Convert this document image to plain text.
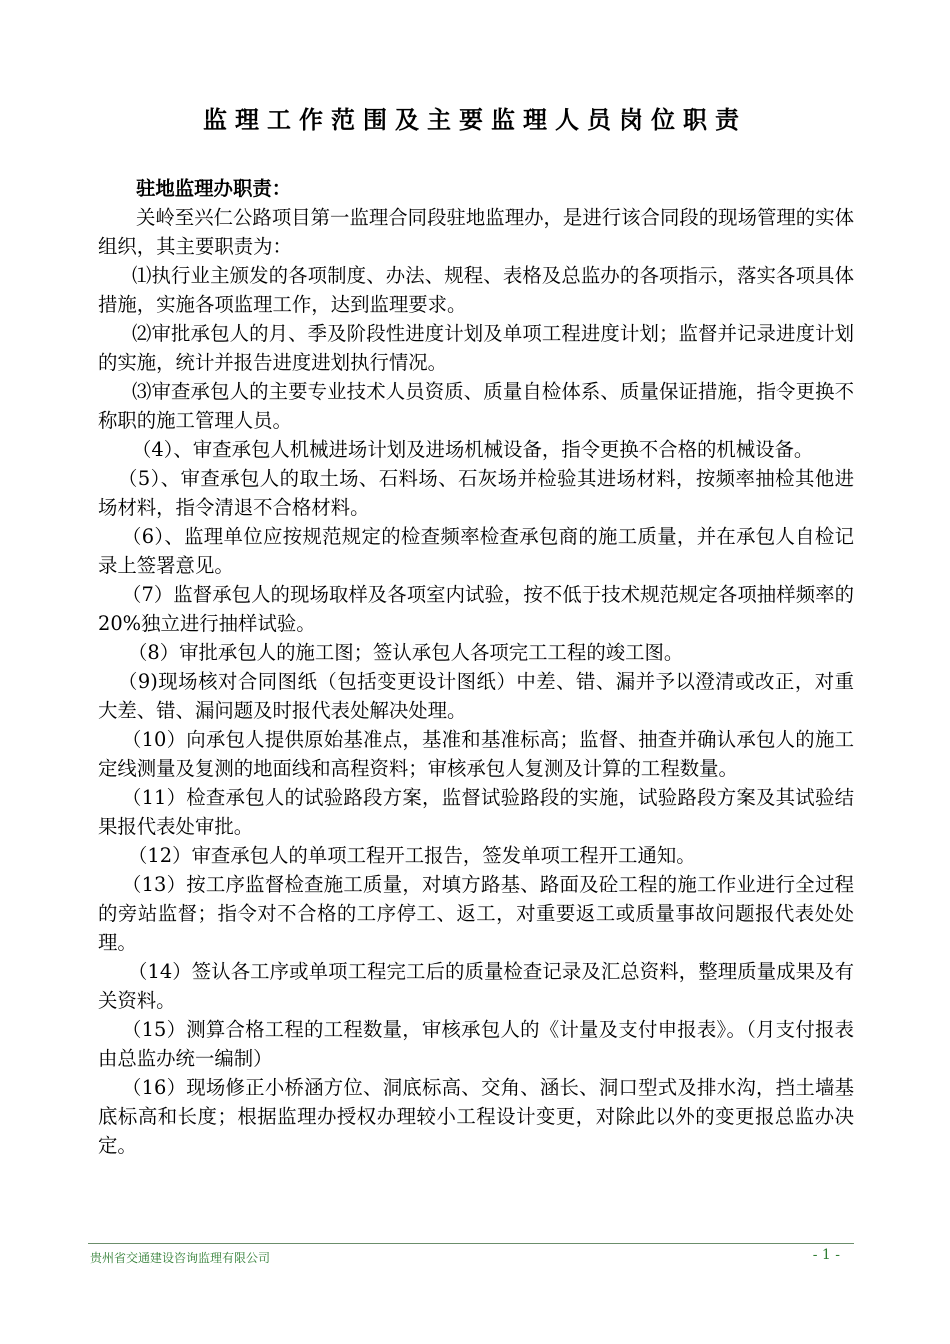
监理工作范围及主要监理人员岗位职责

驻地监理办职责：

关岭至兴仁公路项目第一监理合同段驻地监理办，是进行该合同段的现场管理的实体组织，其主要职责为：

⑴执行业主颁发的各项制度、办法、规程、表格及总监办的各项指示，落实各项具体措施，实施各项监理工作，达到监理要求。

⑵审批承包人的月、季及阶段性进度计划及单项工程进度计划；监督并记录进度计划的实施，统计并报告进度进划执行情况。

⑶审查承包人的主要专业技术人员资质、质量自检体系、质量保证措施，指令更换不称职的施工管理人员。

（4）、审查承包人机械进场计划及进场机械设备，指令更换不合格的机械设备。

（5）、审查承包人的取土场、石料场、石灰场并检验其进场材料，按频率抽检其他进场材料，指令清退不合格材料。

（6）、监理单位应按规范规定的检查频率检查承包商的施工质量，并在承包人自检记录上签署意见。

（7）监督承包人的现场取样及各项室内试验，按不低于技术规范规定各项抽样频率的20%独立进行抽样试验。

（8）审批承包人的施工图；签认承包人各项完工工程的竣工图。

（9)现场核对合同图纸（包括变更设计图纸）中差、错、漏并予以澄清或改正，对重大差、错、漏问题及时报代表处解决处理。

（10）向承包人提供原始基准点，基准和基准标高；监督、抽查并确认承包人的施工定线测量及复测的地面线和高程资料；审核承包人复测及计算的工程数量。

（11）检查承包人的试验路段方案，监督试验路段的实施，试验路段方案及其试验结果报代表处审批。

（12）审查承包人的单项工程开工报告，签发单项工程开工通知。

（13）按工序监督检查施工质量，对填方路基、路面及砼工程的施工作业进行全过程的旁站监督；指令对不合格的工序停工、返工，对重要返工或质量事故问题报代表处处理。

（14）签认各工序或单项工程完工后的质量检查记录及汇总资料，整理质量成果及有关资料。

（15）测算合格工程的工程数量，审核承包人的《计量及支付申报表》。（月支付报表由总监办统一编制）

（16）现场修正小桥涵方位、洞底标高、交角、涵长、洞口型式及排水沟，挡土墙基底标高和长度；根据监理办授权办理较小工程设计变更，对除此以外的变更报总监办决定。

贵州省交通建设咨询监理有限公司	- 1 -
